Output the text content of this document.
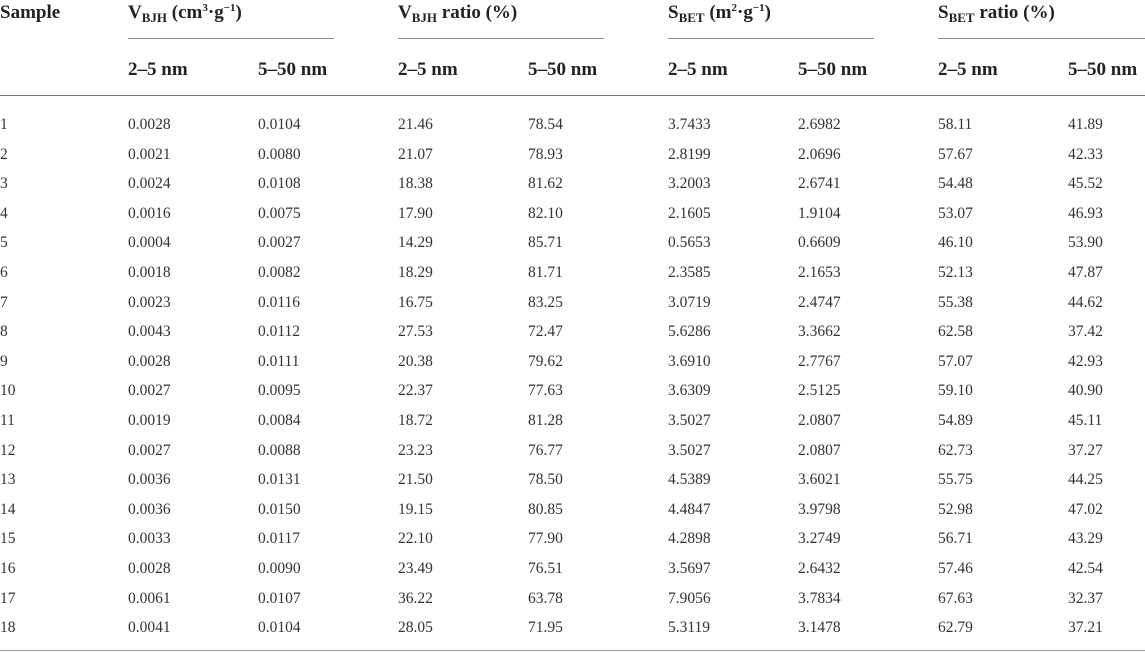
Sample	$V_{BJH}$ $(cm^3\cdot g^{-1})$	$V_{BJH}$ ratio (%)	$S_{BET}$ $(m^2\cdot g^{-1})$	$S_{BET}$ ratio (%)
2–5 nm	5–50 nm	2–5 nm	5–50 nm	2–5 nm	5–50 nm	2–5 nm	5–50 nm
1	0.0028	0.0104	21.46	78.54	3.7433	2.6982	58.11	41.89
2	0.0021	0.0080	21.07	78.93	2.8199	2.0696	57.67	42.33
3	0.0024	0.0108	18.38	81.62	3.2003	2.6741	54.48	45.52
4	0.0016	0.0075	17.90	82.10	2.1605	1.9104	53.07	46.93
5	0.0004	0.0027	14.29	85.71	0.5653	0.6609	46.10	53.90
6	0.0018	0.0082	18.29	81.71	2.3585	2.1653	52.13	47.87
7	0.0023	0.0116	16.75	83.25	3.0719	2.4747	55.38	44.62
8	0.0043	0.0112	27.53	72.47	5.6286	3.3662	62.58	37.42
9	0.0028	0.0111	20.38	79.62	3.6910	2.7767	57.07	42.93
10	0.0027	0.0095	22.37	77.63	3.6309	2.5125	59.10	40.90
11	0.0019	0.0084	18.72	81.28	3.5027	2.0807	54.89	45.11
12	0.0027	0.0088	23.23	76.77	3.5027	2.0807	62.73	37.27
13	0.0036	0.0131	21.50	78.50	4.5389	3.6021	55.75	44.25
14	0.0036	0.0150	19.15	80.85	4.4847	3.9798	52.98	47.02
15	0.0033	0.0117	22.10	77.90	4.2898	3.2749	56.71	43.29
16	0.0028	0.0090	23.49	76.51	3.5697	2.6432	57.46	42.54
17	0.0061	0.0107	36.22	63.78	7.9056	3.7834	67.63	32.37
18	0.0041	0.0104	28.05	71.95	5.3119	3.1478	62.79	37.21
